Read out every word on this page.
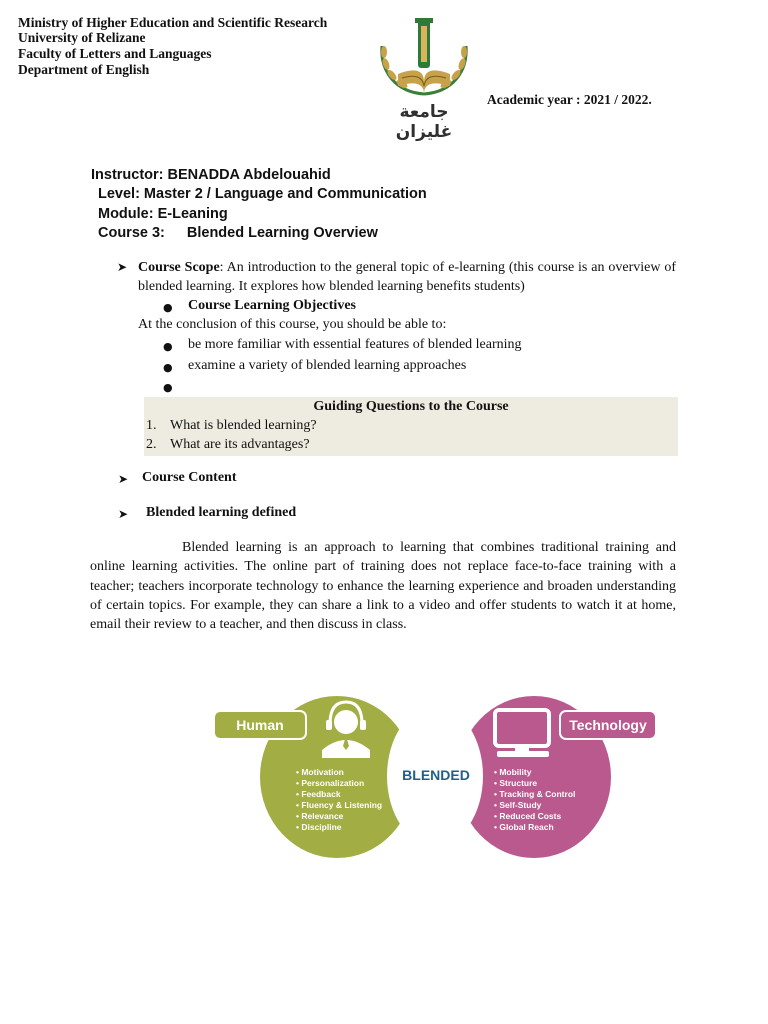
Ministry of Higher Education and Scientific Research
University of Relizane
Faculty of Letters and Languages
Department of English
جامعة غليزان
Academic year : 2021 / 2022.
Instructor: BENADDA Abdelouahid
Level: Master 2 / Language and Communication
Module: E-Leaning
Course 3: Blended Learning Overview
➤ Course Scope: An introduction to the general topic of e-learning (this course is an overview of blended learning. It explores how blended learning benefits students)
● Course Learning Objectives
At the conclusion of this course, you should be able to:
● be more familiar with essential features of blended learning
● examine a variety of blended learning approaches
●
Guiding Questions to the Course
1. What is blended learning?
2. What are its advantages?
➤ Course Content
➤ Blended learning defined
Blended learning is an approach to learning that combines traditional training and online learning activities. The online part of training does not replace face-to-face training with a teacher; teachers incorporate technology to enhance the learning experience and broaden understanding of certain topics. For example, they can share a link to a video and offer students to watch it at home, email their review to a teacher, and then discuss in class.
Human	Technology
BLENDED
• Motivation
• Personalization
• Feedback
• Fluency & Listening
• Relevance
• Discipline
• Mobility
• Structure
• Tracking & Control
• Self-Study
• Reduced Costs
• Global Reach
